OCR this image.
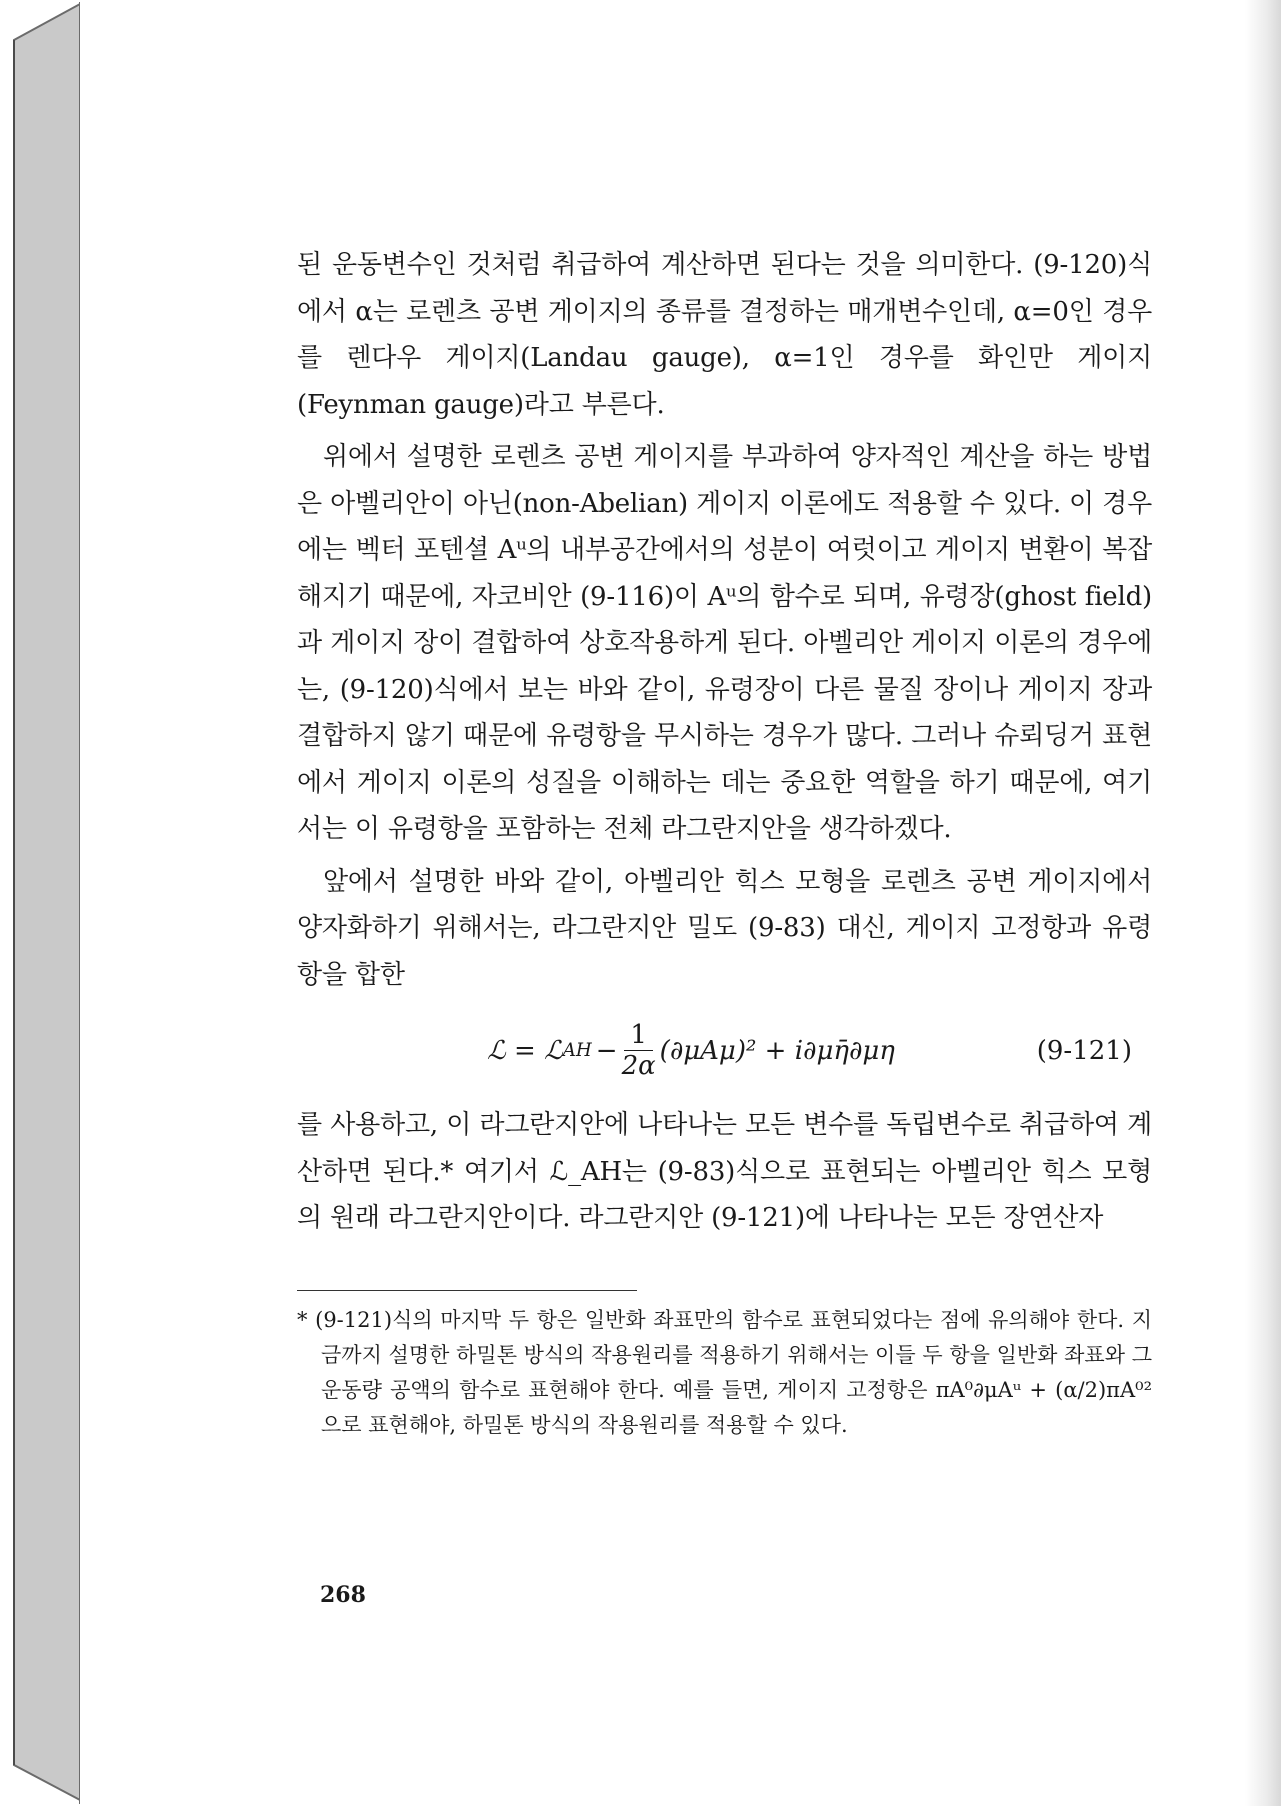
된 운동변수인 것처럼 취급하여 계산하면 된다는 것을 의미한다. (9-120)식에서 α는 로렌츠 공변 게이지의 종류를 결정하는 매개변수인데, α=0인 경우를 렌다우 게이지(Landau gauge), α=1인 경우를 화인만 게이지(Feynman gauge)라고 부른다.

위에서 설명한 로렌츠 공변 게이지를 부과하여 양자적인 계산을 하는 방법은 아벨리안이 아닌(non-Abelian) 게이지 이론에도 적용할 수 있다. 이 경우에는 벡터 포텐셜 Aᵘ의 내부공간에서의 성분이 여럿이고 게이지 변환이 복잡해지기 때문에, 자코비안 (9-116)이 Aᵘ의 함수로 되며, 유령장(ghost field)과 게이지 장이 결합하여 상호작용하게 된다. 아벨리안 게이지 이론의 경우에는, (9-120)식에서 보는 바와 같이, 유령장이 다른 물질 장이나 게이지 장과 결합하지 않기 때문에 유령항을 무시하는 경우가 많다. 그러나 슈뢰딩거 표현에서 게이지 이론의 성질을 이해하는 데는 중요한 역할을 하기 때문에, 여기서는 이 유령항을 포함하는 전체 라그란지안을 생각하겠다.

앞에서 설명한 바와 같이, 아벨리안 힉스 모형을 로렌츠 공변 게이지에서 양자화하기 위해서는, 라그란지안 밀도 (9-83) 대신, 게이지 고정항과 유령항을 합한

ℒ = ℒ AH − $\frac{1}{2\alpha} (\partial\mu A\mu)^2$ + i∂μη̄∂μη	(9-121)

를 사용하고, 이 라그란지안에 나타나는 모든 변수를 독립변수로 취급하여 계산하면 된다.* 여기서 ℒ_AH는 (9-83)식으로 표현되는 아벨리안 힉스 모형의 원래 라그란지안이다. 라그란지안 (9-121)에 나타나는 모든 장연산자

* (9-121)식의 마지막 두 항은 일반화 좌표만의 함수로 표현되었다는 점에 유의해야 한다. 지금까지 설명한 하밀톤 방식의 작용원리를 적용하기 위해서는 이들 두 항을 일반화 좌표와 그 운동량 공액의 함수로 표현해야 한다. 예를 들면, 게이지 고정항은 πA⁰∂μAᵘ + (α/2)πA⁰²으로 표현해야, 하밀톤 방식의 작용원리를 적용할 수 있다.

268
